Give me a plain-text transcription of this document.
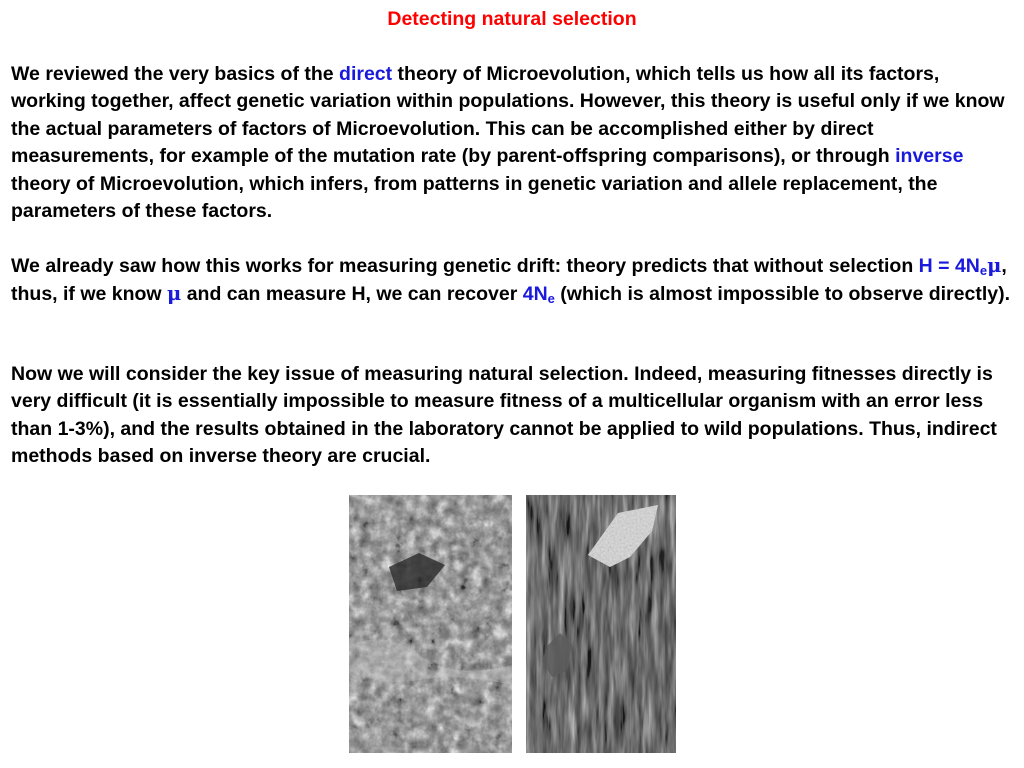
Detecting natural selection

We reviewed the very basics of the direct theory of Microevolution, which tells us how all its factors, working together, affect genetic variation within populations. However, this theory is useful only if we know the actual parameters of factors of Microevolution. This can be accomplished either by direct measurements, for example of the mutation rate (by parent-offspring comparisons), or through inverse theory of Microevolution, which infers, from patterns in genetic variation and allele replacement, the parameters of these factors.

We already saw how this works for measuring genetic drift: theory predicts that without selection $H = 4N_e\mu$, thus, if we know μ and can measure H, we can recover $4N_e$ (which is almost impossible to observe directly).

Now we will consider the key issue of measuring natural selection. Indeed, measuring fitnesses directly is very difficult (it is essentially impossible to measure fitness of a multicellular organism with an error less than 1-3%), and the results obtained in the laboratory cannot be applied to wild populations. Thus, indirect methods based on inverse theory are crucial.
